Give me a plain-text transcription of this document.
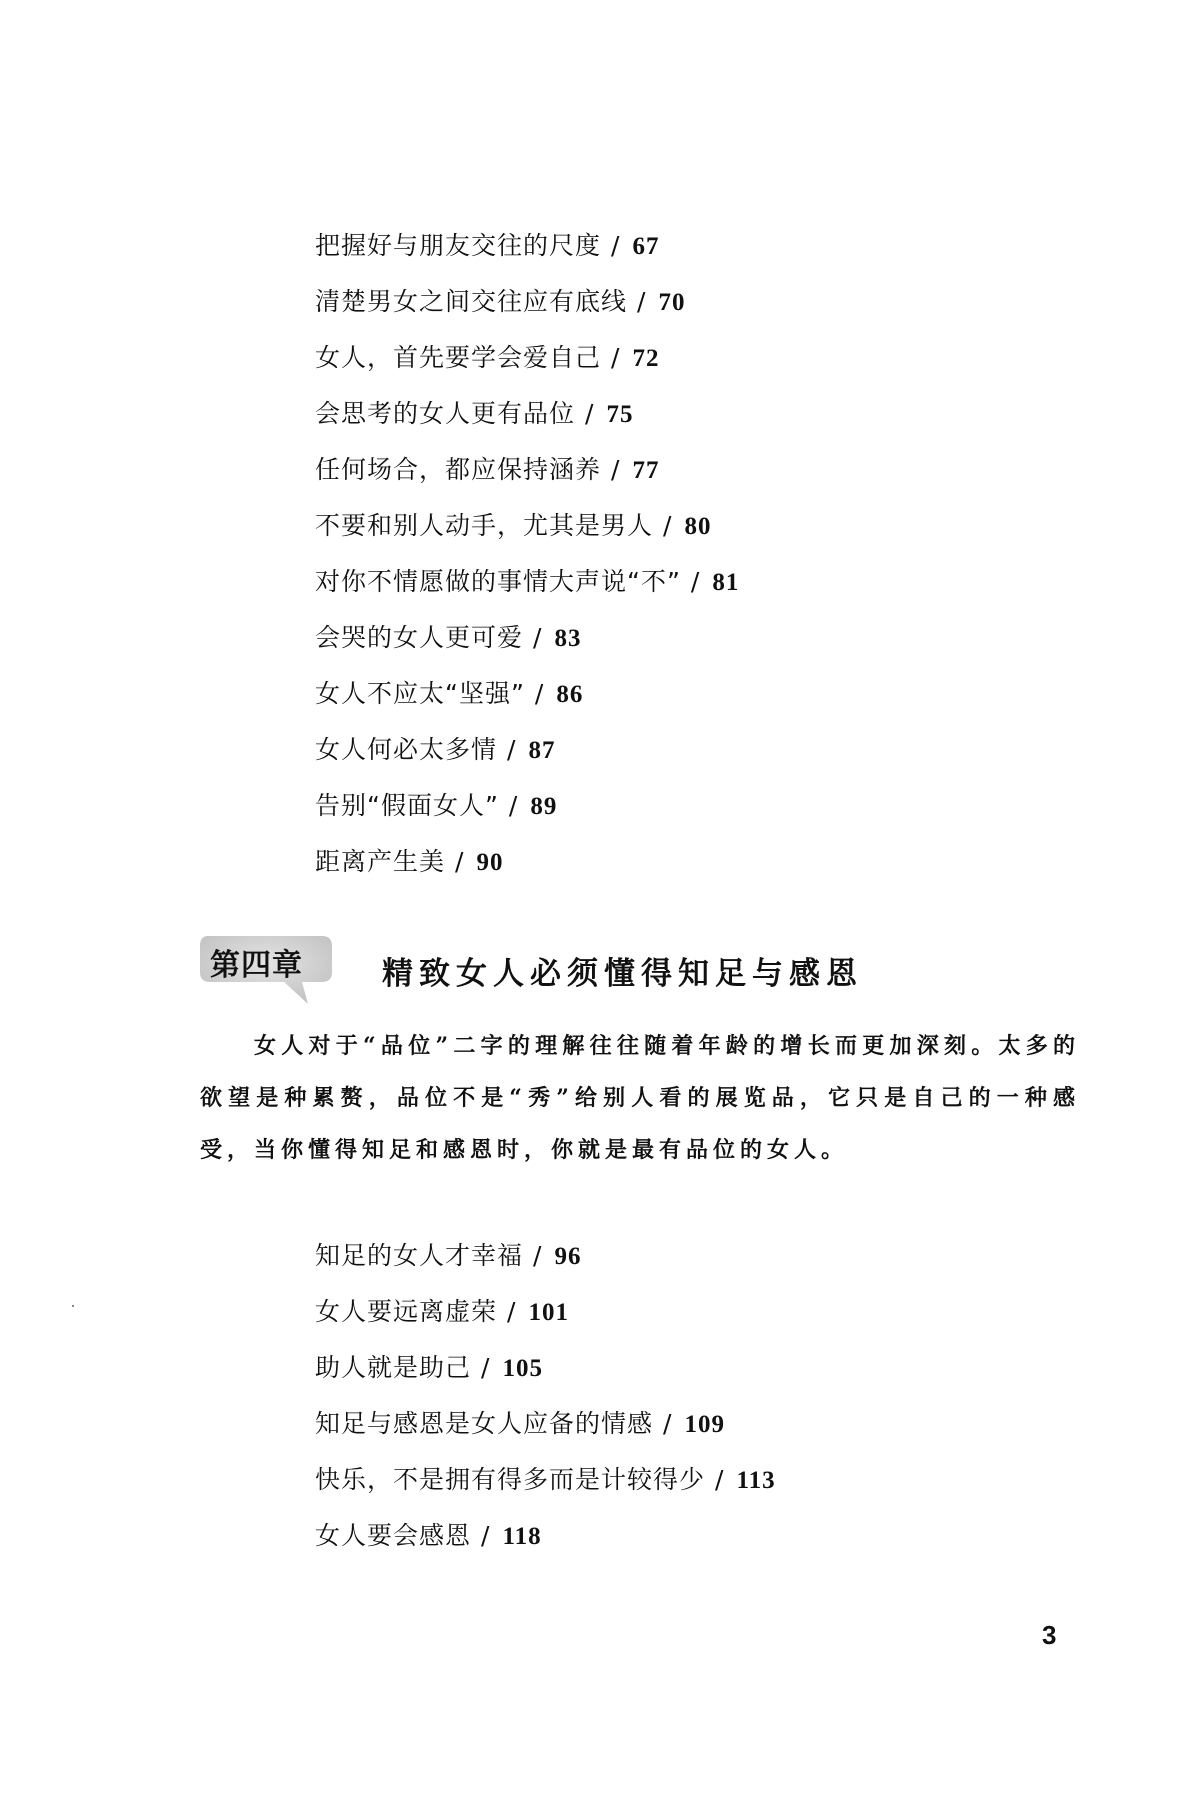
把握好与朋友交往的尺度 / 67
清楚男女之间交往应有底线 / 70
女人，首先要学会爱自己 / 72
会思考的女人更有品位 / 75
任何场合，都应保持涵养 / 77
不要和别人动手，尤其是男人 / 80
对你不情愿做的事情大声说“不” / 81
会哭的女人更可爱 / 83
女人不应太“坚强” / 86
女人何必太多情 / 87
告别“假面女人” / 89
距离产生美 / 90
第四章	精致女人必须懂得知足与感恩

女人对于“品位”二字的理解往往随着年龄的增长而更加深刻。太多的欲望是种累赘，品位不是“秀”给别人看的展览品，它只是自己的一种感受，当你懂得知足和感恩时，你就是最有品位的女人。

知足的女人才幸福 / 96
女人要远离虚荣 / 101
助人就是助己 / 105
知足与感恩是女人应备的情感 / 109
快乐，不是拥有得多而是计较得少 / 113
女人要会感恩 / 118
3
